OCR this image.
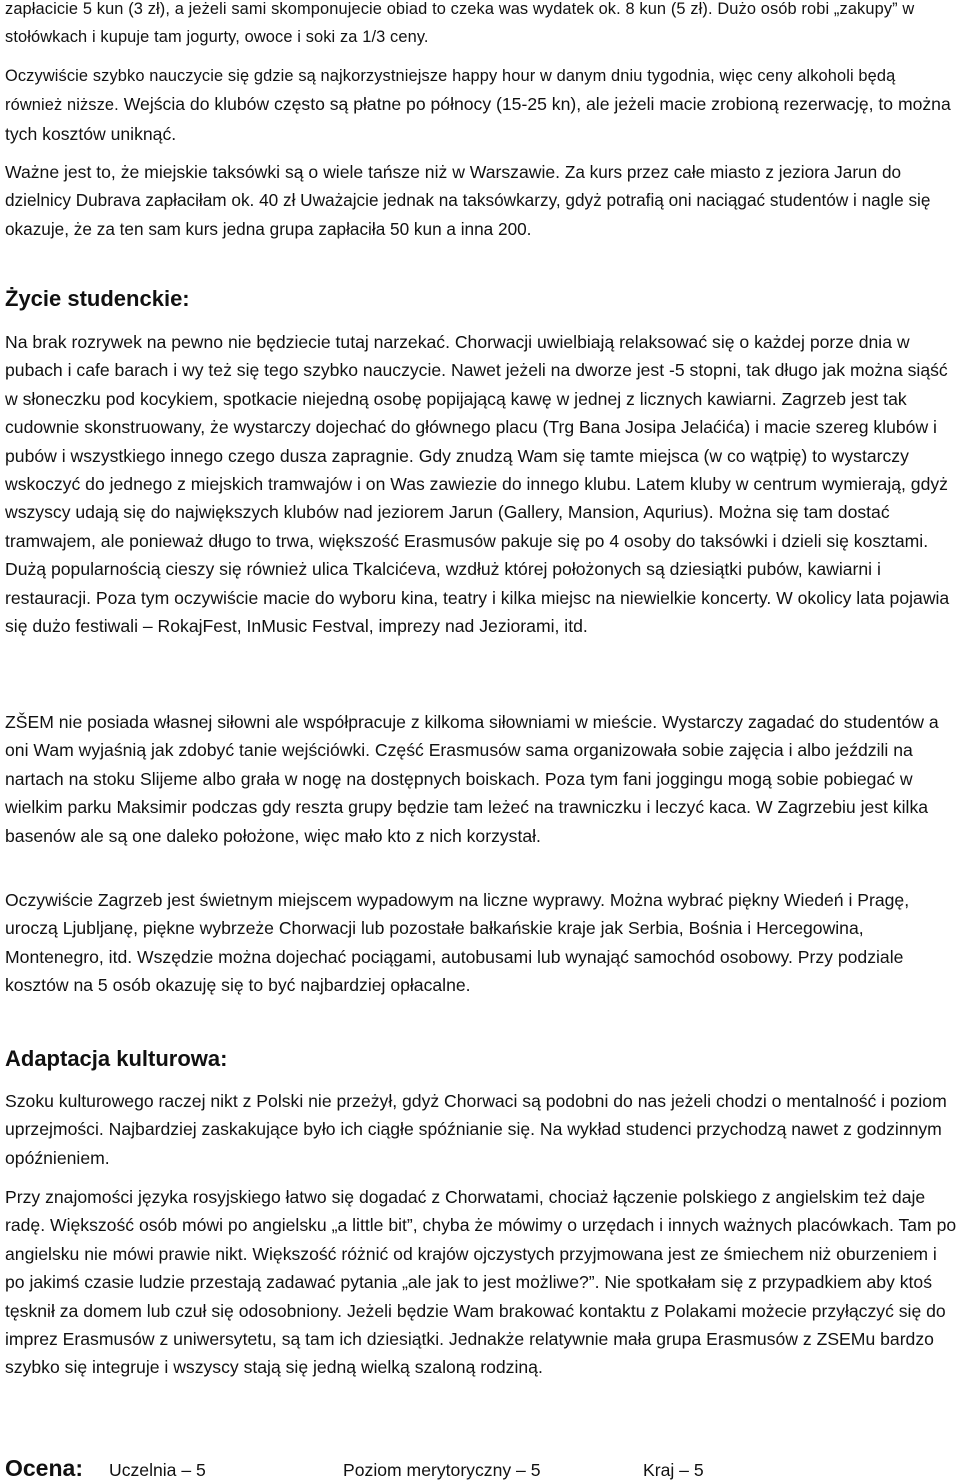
zapłacicie 5 kun (3 zł), a jeżeli sami skomponujecie obiad to czeka was wydatek ok. 8 kun (5 zł). Dużo osób robi „zakupy” w stołówkach i kupuje tam jogurty, owoce i soki za 1/3 ceny.

Oczywiście szybko nauczycie się gdzie są najkorzystniejsze happy hour w danym dniu tygodnia, więc ceny alkoholi będą również niższe. Wejścia do klubów często są płatne po północy (15-25 kn), ale jeżeli macie zrobioną rezerwację, to można tych kosztów uniknąć.

Ważne jest to, że miejskie taksówki są o wiele tańsze niż w Warszawie. Za kurs przez całe miasto z jeziora Jarun do dzielnicy Dubrava zapłaciłam ok. 40 zł Uważajcie jednak na taksówkarzy, gdyż potrafią oni naciągać studentów i nagle się okazuje, że za ten sam kurs jedna grupa zapłaciła 50 kun a inna 200.

Życie studenckie:

Na brak rozrywek na pewno nie będziecie tutaj narzekać. Chorwacji uwielbiają relaksować się o każdej porze dnia w pubach i cafe barach i wy też się tego szybko nauczycie. Nawet jeżeli na dworze jest -5 stopni, tak długo jak można siąść w słoneczku pod kocykiem, spotkacie niejedną osobę popijającą kawę w jednej z licznych kawiarni. Zagrzeb jest tak cudownie skonstruowany, że wystarczy dojechać do głównego placu (Trg Bana Josipa Jelaćića) i macie szereg klubów i pubów i wszystkiego innego czego dusza zapragnie. Gdy znudzą Wam się tamte miejsca (w co wątpię) to wystarczy wskoczyć do jednego z miejskich tramwajów i on Was zawiezie do innego klubu. Latem kluby w centrum wymierają, gdyż wszyscy udają się do największych klubów nad jeziorem Jarun (Gallery, Mansion, Aqurius). Można się tam dostać tramwajem, ale ponieważ długo to trwa, większość Erasmusów pakuje się po 4 osoby do taksówki i dzieli się kosztami. Dużą popularnością cieszy się również ulica Tkalcićeva, wzdłuż której położonych są dziesiątki pubów, kawiarni i restauracji. Poza tym oczywiście macie do wyboru kina, teatry i kilka miejsc na niewielkie koncerty. W okolicy lata pojawia się dużo festiwali – RokajFest, InMusic Festval, imprezy nad Jeziorami, itd.

ZŠEM nie posiada własnej siłowni ale współpracuje z kilkoma siłowniami w mieście. Wystarczy zagadać do studentów a oni Wam wyjaśnią jak zdobyć tanie wejściówki. Część Erasmusów sama organizowała sobie zajęcia i albo jeździli na nartach na stoku Slijeme albo grała w nogę na dostępnych boiskach. Poza tym fani joggingu mogą sobie pobiegać w wielkim parku Maksimir podczas gdy reszta grupy będzie tam leżeć na trawniczku i leczyć kaca. W Zagrzebiu jest kilka basenów ale są one daleko położone, więc mało kto z nich korzystał.

Oczywiście Zagrzeb jest świetnym miejscem wypadowym na liczne wyprawy. Można wybrać piękny Wiedeń i Pragę, uroczą Ljubljanę, piękne wybrzeże Chorwacji lub pozostałe bałkańskie kraje jak Serbia, Bośnia i Hercegowina, Montenegro, itd. Wszędzie można dojechać pociągami, autobusami lub wynająć samochód osobowy. Przy podziale kosztów na 5 osób okazuję się to być najbardziej opłacalne.

Adaptacja kulturowa:

Szoku kulturowego raczej nikt z Polski nie przeżył, gdyż Chorwaci są podobni do nas jeżeli chodzi o mentalność i poziom uprzejmości. Najbardziej zaskakujące było ich ciągłe spóźnianie się. Na wykład studenci przychodzą nawet z godzinnym opóźnieniem.

Przy znajomości języka rosyjskiego łatwo się dogadać z Chorwatami, chociaż łączenie polskiego z angielskim też daje radę. Większość osób mówi po angielsku „a little bit”, chyba że mówimy o urzędach i innych ważnych placówkach. Tam po angielsku nie mówi prawie nikt. Większość różnić od krajów ojczystych przyjmowana jest ze śmiechem niż oburzeniem i po jakimś czasie ludzie przestają zadawać pytania „ale jak to jest możliwe?”. Nie spotkałam się z przypadkiem aby ktoś tęsknił za domem lub czuł się odosobniony. Jeżeli będzie Wam brakować kontaktu z Polakami możecie przyłączyć się do imprez Erasmusów z uniwersytetu, są tam ich dziesiątki. Jednakże relatywnie mała grupa Erasmusów z ZSEMu bardzo szybko się integruje i wszyscy stają się jedną wielką szaloną rodziną.

Ocena:	Uczelnia – 5	Poziom merytoryczny – 5	Kraj – 5
